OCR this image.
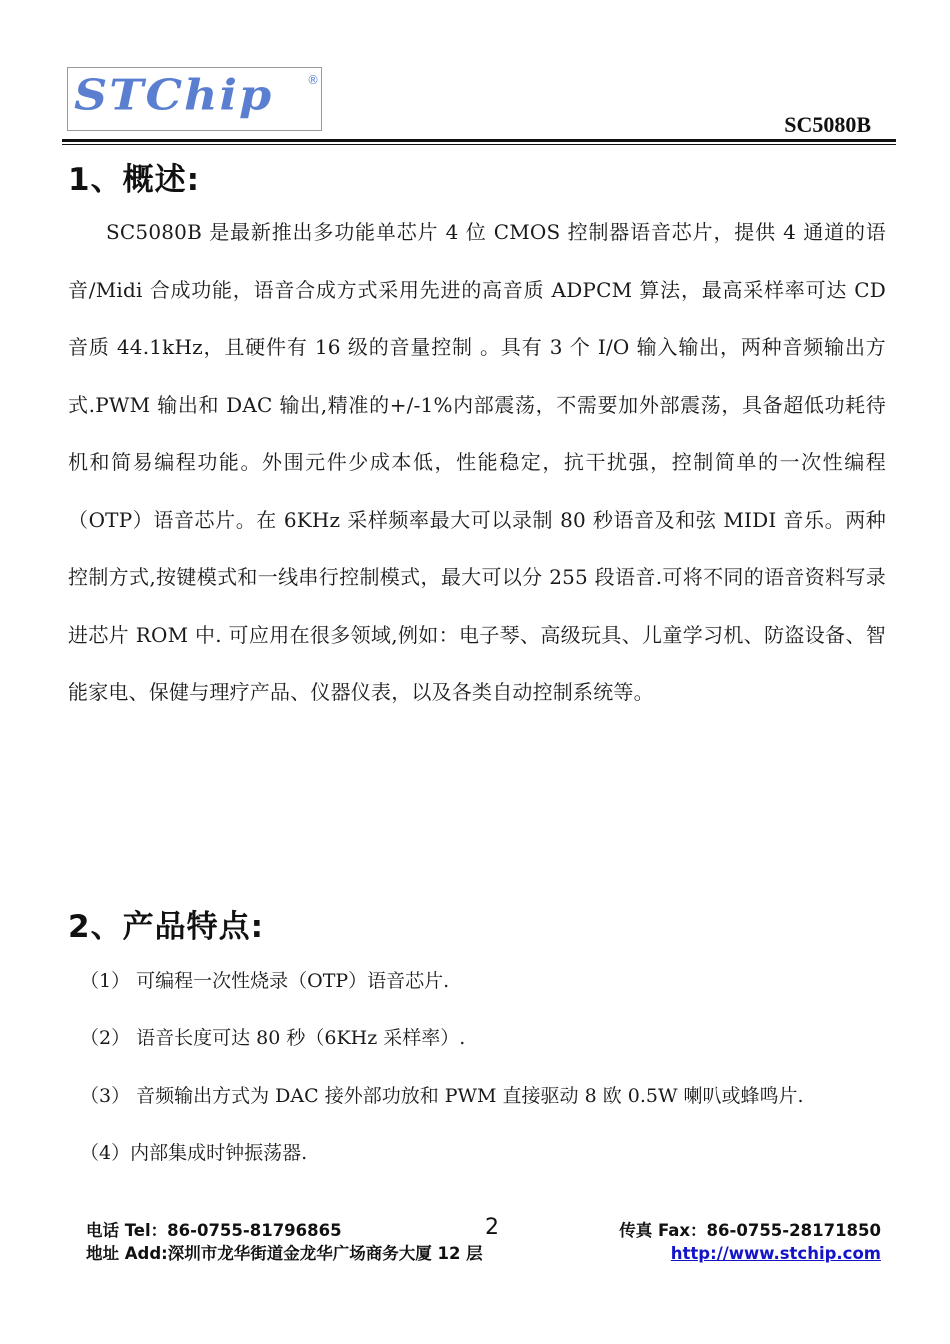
STChip	®
SC5080B
1、概述:

SC5080B 是最新推出多功能单芯片 4 位 CMOS 控制器语音芯片，提供 4 通道的语音/Midi 合成功能，语音合成方式采用先进的高音质 ADPCM 算法，最高采样率可达 CD 音质 44.1kHz，且硬件有 16 级的音量控制 。具有 3 个 I/O 输入输出，两种音频输出方式.PWM 输出和 DAC 输出,精准的+/-1%内部震荡，不需要加外部震荡，具备超低功耗待机和简易编程功能。外围元件少成本低，性能稳定，抗干扰强，控制简单的一次性编程（OTP）语音芯片。在 6KHz 采样频率最大可以录制 80 秒语音及和弦 MIDI 音乐。两种控制方式,按键模式和一线串行控制模式，最大可以分 255 段语音.可将不同的语音资料写录进芯片 ROM 中. 可应用在很多领域,例如：电子琴、高级玩具、儿童学习机、防盗设备、智能家电、保健与理疗产品、仪器仪表，以及各类自动控制系统等。

2、产品特点:
（1） 可编程一次性烧录（OTP）语音芯片.
（2） 语音长度可达 80 秒（6KHz 采样率）.
（3） 音频输出方式为 DAC 接外部功放和 PWM 直接驱动 8 欧 0.5W 喇叭或蜂鸣片.
（4）内部集成时钟振荡器.
电话 Tel：86-0755-81796865
地址 Add:深圳市龙华街道金龙华广场商务大厦 12 层
2	传真 Fax：86-0755-28171850
http://www.stchip.com
